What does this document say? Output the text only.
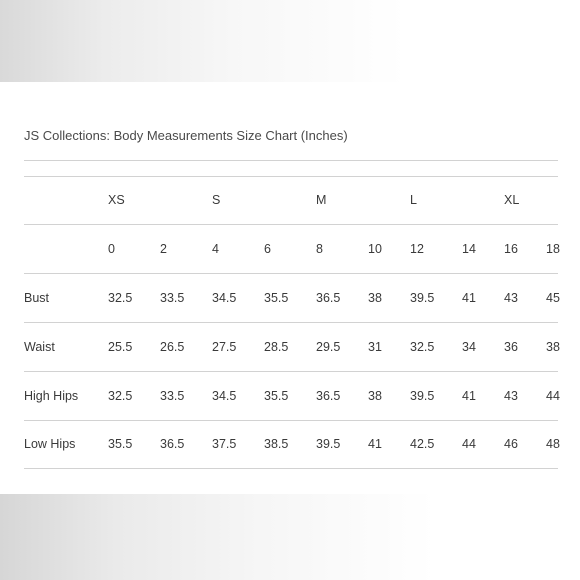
JS Collections: Body Measurements Size Chart (Inches)
XS	S	M	L	XL
0	2	4	6	8	10 12	14 16 18
Bust	32.5 33.5 34.5 35.5 36.5 38 39.5 41 43 45
Waist	25.5 26.5 27.5 28.5 29.5 31 32.5 34 36 38
High Hips 32.5 33.5 34.5 35.5 36.5 38 39.5 41 43 44
Low Hips	35.5 36.5 37.5 38.5 39.5 41 42.5 44 46 48
